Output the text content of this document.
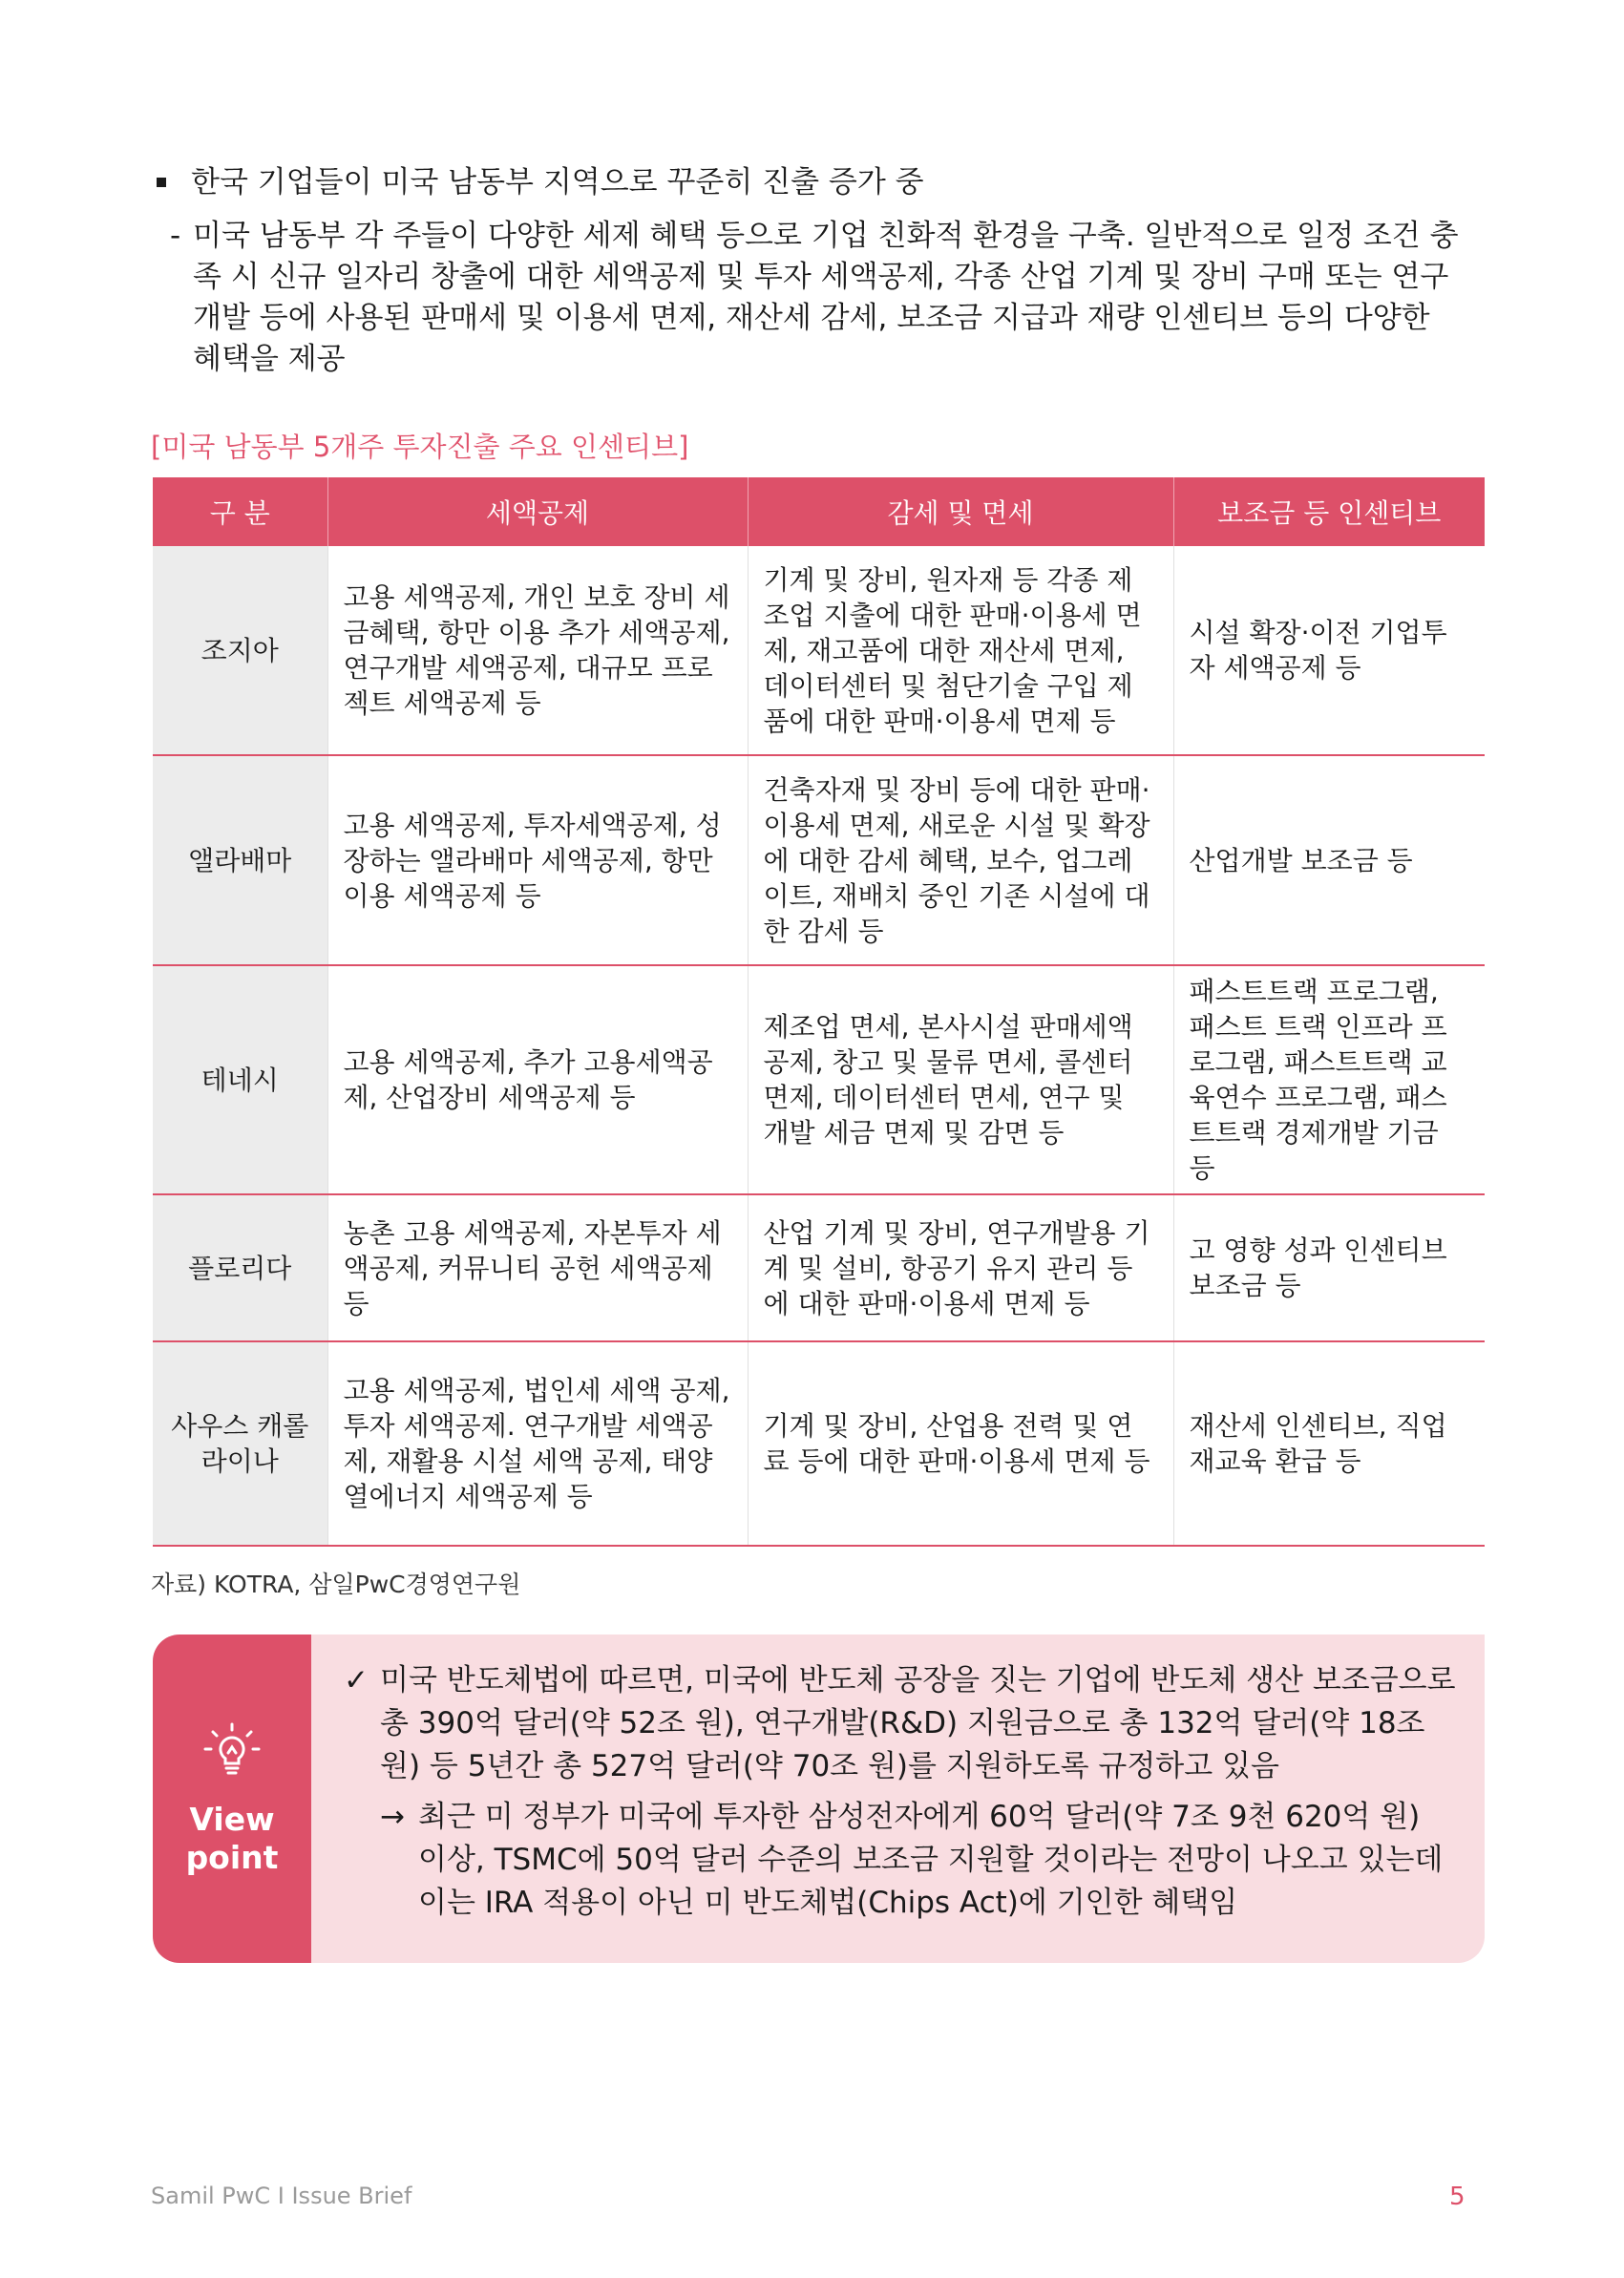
한국 기업들이 미국 남동부 지역으로 꾸준히 진출 증가 중
- 미국 남동부 각 주들이 다양한 세제 혜택 등으로 기업 친화적 환경을 구축. 일반적으로 일정 조건 충족 시 신규 일자리 창출에 대한 세액공제 및 투자 세액공제, 각종 산업 기계 및 장비 구매 또는 연구개발 등에 사용된 판매세 및 이용세 면제, 재산세 감세, 보조금 지급과 재량 인센티브 등의 다양한 혜택을 제공
[미국 남동부 5개주 투자진출 주요 인센티브]
구 분	세액공제	감세 및 면세	보조금 등 인센티브
조지아	고용 세액공제, 개인 보호 장비 세금혜택, 항만 이용 추가 세액공제, 연구개발 세액공제, 대규모 프로젝트 세액공제 등	기계 및 장비, 원자재 등 각종 제조업 지출에 대한 판매·이용세 면제, 재고품에 대한 재산세 면제, 데이터센터 및 첨단기술 구입 제품에 대한 판매·이용세 면제 등	시설 확장·이전 기업투자 세액공제 등
앨라배마	고용 세액공제, 투자세액공제, 성장하는 앨라배마 세액공제, 항만 이용 세액공제 등	건축자재 및 장비 등에 대한 판매·이용세 면제, 새로운 시설 및 확장에 대한 감세 혜택, 보수, 업그레이트, 재배치 중인 기존 시설에 대한 감세 등	산업개발 보조금 등
테네시	고용 세액공제, 추가 고용세액공제, 산업장비 세액공제 등	제조업 면세, 본사시설 판매세액 공제, 창고 및 물류 면세, 콜센터 면제, 데이터센터 면세, 연구 및 개발 세금 면제 및 감면 등	패스트트랙 프로그램, 패스트 트랙 인프라 프로그램, 패스트트랙 교육연수 프로그램, 패스트트랙 경제개발 기금 등
플로리다	농촌 고용 세액공제, 자본투자 세액공제, 커뮤니티 공헌 세액공제 등	산업 기계 및 장비, 연구개발용 기계 및 설비, 항공기 유지 관리 등에 대한 판매·이용세 면제 등	고 영향 성과 인센티브 보조금 등
사우스 캐롤라이나	고용 세액공제, 법인세 세액 공제, 투자 세액공제. 연구개발 세액공제, 재활용 시설 세액 공제, 태양열에너지 세액공제 등	기계 및 장비, 산업용 전력 및 연료 등에 대한 판매·이용세 면제 등	재산세 인센티브, 직업 재교육 환급 등
자료) KOTRA, 삼일PwC경영연구원
View
point
✓ 미국 반도체법에 따르면, 미국에 반도체 공장을 짓는 기업에 반도체 생산 보조금으로 총 390억 달러(약 52조 원), 연구개발(R&D) 지원금으로 총 132억 달러(약 18조 원) 등 5년간 총 527억 달러(약 70조 원)를 지원하도록 규정하고 있음
→ 최근 미 정부가 미국에 투자한 삼성전자에게 60억 달러(약 7조 9천 620억 원) 이상, TSMC에 50억 달러 수준의 보조금 지원할 것이라는 전망이 나오고 있는데 이는 IRA 적용이 아닌 미 반도체법(Chips Act)에 기인한 혜택임
Samil PwC I Issue Brief	5
